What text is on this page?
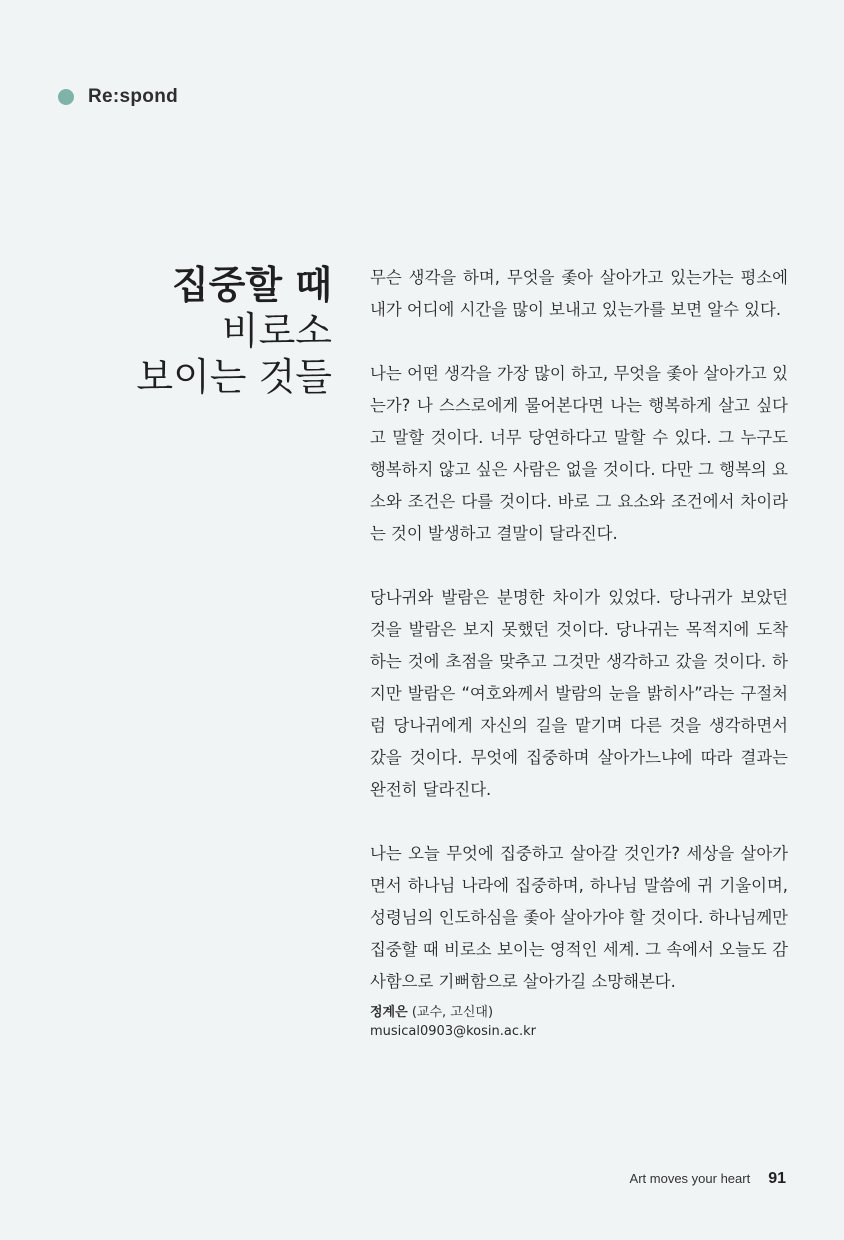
Re:spond
집중할 때
비로소
보이는 것들

무슨 생각을 하며, 무엇을 좇아 살아가고 있는가는 평소에 내가 어디에 시간을 많이 보내고 있는가를 보면 알수 있다.

나는 어떤 생각을 가장 많이 하고, 무엇을 좇아 살아가고 있는가? 나 스스로에게 물어본다면 나는 행복하게 살고 싶다고 말할 것이다. 너무 당연하다고 말할 수 있다. 그 누구도 행복하지 않고 싶은 사람은 없을 것이다. 다만 그 행복의 요소와 조건은 다를 것이다. 바로 그 요소와 조건에서 차이라는 것이 발생하고 결말이 달라진다.

당나귀와 발람은 분명한 차이가 있었다. 당나귀가 보았던 것을 발람은 보지 못했던 것이다. 당나귀는 목적지에 도착하는 것에 초점을 맞추고 그것만 생각하고 갔을 것이다. 하지만 발람은 “여호와께서 발람의 눈을 밝히사”라는 구절처럼 당나귀에게 자신의 길을 맡기며 다른 것을 생각하면서 갔을 것이다. 무엇에 집중하며 살아가느냐에 따라 결과는 완전히 달라진다.

나는 오늘 무엇에 집중하고 살아갈 것인가? 세상을 살아가면서 하나님 나라에 집중하며, 하나님 말씀에 귀 기울이며, 성령님의 인도하심을 좇아 살아가야 할 것이다. 하나님께만 집중할 때 비로소 보이는 영적인 세계. 그 속에서 오늘도 감사함으로 기뻐함으로 살아가길 소망해본다.

정계은 (교수, 고신대)
musical0903@kosin.ac.kr
Art moves your heart 91
